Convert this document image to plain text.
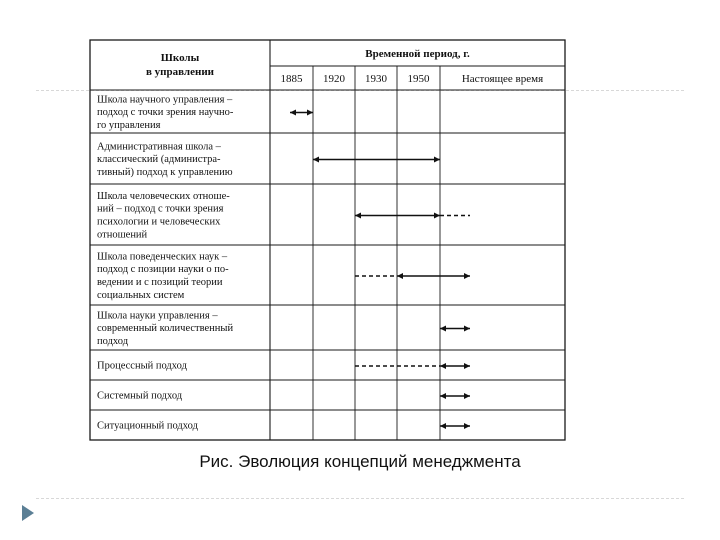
Школы
в управлении
Временной период, г.
1885 1920 1930 1950	Настоящее время
Школа научного управления –
подход с точки зрения научно-
го управления
Административная школа –
классический (администра-
тивный) подход к управлению
Школа человеческих отноше-
ний – подход с точки зрения
психологии и человеческих
отношений
Школа поведенческих наук –
подход с позиции науки о по-
ведении и с позиций теории
социальных систем
Школа науки управления –
современный количественный
подход
Процессный подход
Системный подход
Ситуационный подход
Рис. Эволюция концепций менеджмента
